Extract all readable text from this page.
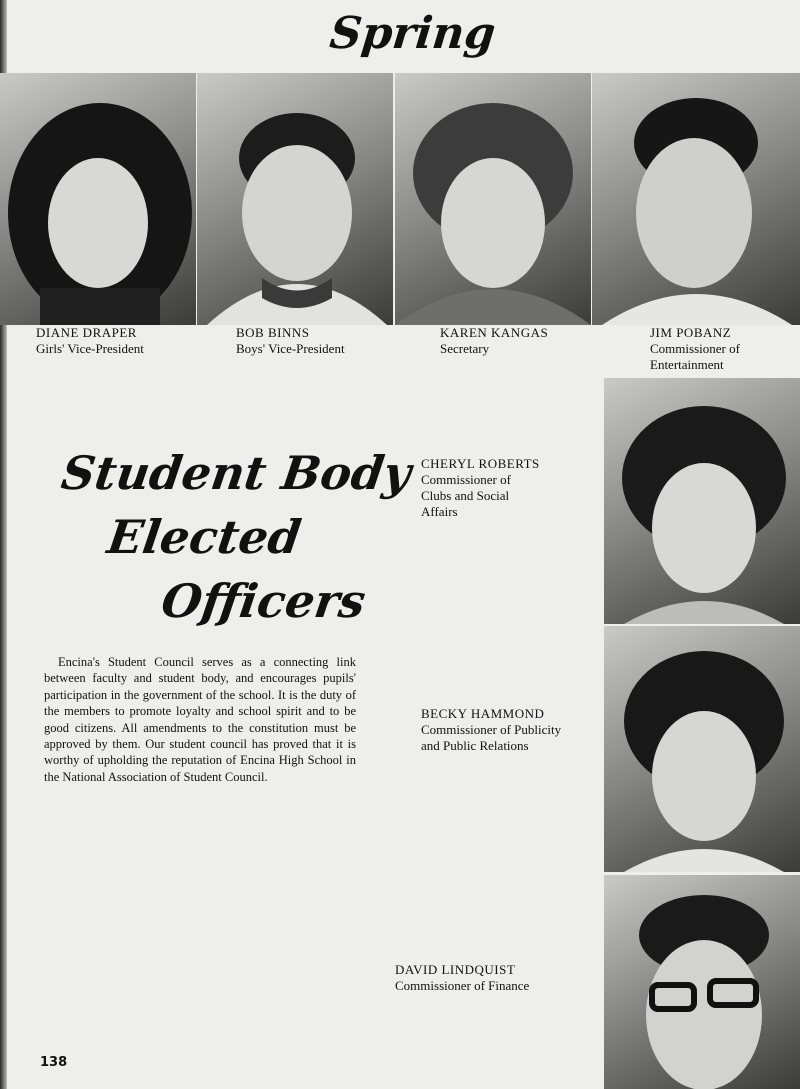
Spring
DIANE DRAPER
Girls' Vice-President
BOB BINNS
Boys' Vice-President
KAREN KANGAS
Secretary
JIM POBANZ
Commissioner of
Entertainment
Student Body
Elected
Officers
Encina's Student Council serves as a connecting link between faculty and student body, and encourages pupils' participation in the government of the school. It is the duty of the members to promote loyalty and school spirit and to be good citizens. All amendments to the constitution must be approved by them. Our student council has proved that it is worthy of upholding the reputation of Encina High School in the National Association of Student Council.
CHERYL ROBERTS
Commissioner of
Clubs and Social
Affairs
BECKY HAMMOND
Commissioner of Publicity
and Public Relations
DAVID LINDQUIST
Commissioner of Finance
138
